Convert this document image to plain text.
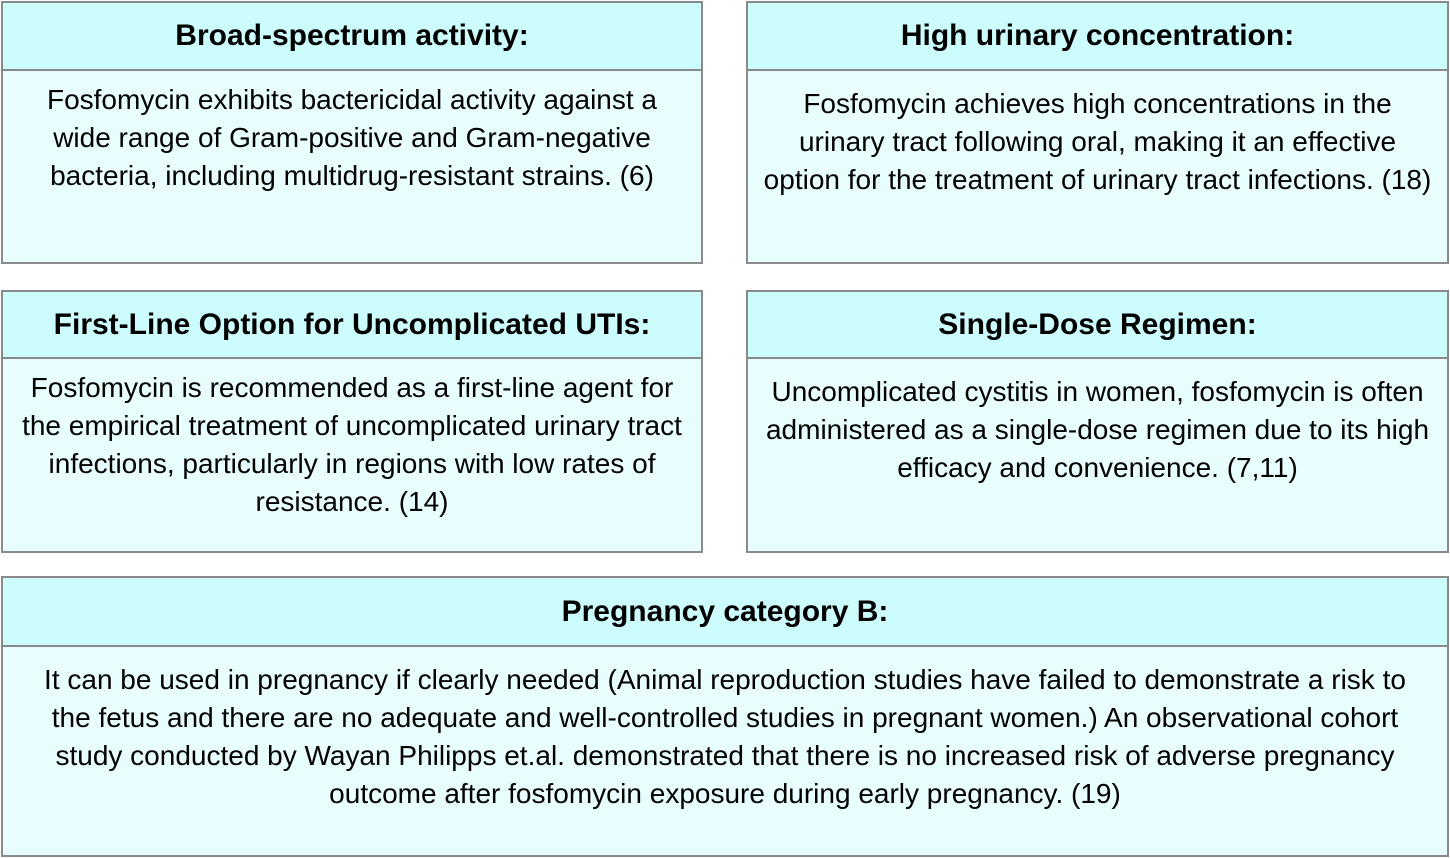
Broad-spectrum activity:
Fosfomycin exhibits bactericidal activity against a wide range of Gram-positive and Gram-negative bacteria, including multidrug-resistant strains. (6)
High urinary concentration:
Fosfomycin achieves high concentrations in the urinary tract following oral, making it an effective option for the treatment of urinary tract infections. (18)
First-Line Option for Uncomplicated UTIs:
Fosfomycin is recommended as a first-line agent for the empirical treatment of uncomplicated urinary tract infections, particularly in regions with low rates of resistance. (14)
Single-Dose Regimen:
Uncomplicated cystitis in women, fosfomycin is often administered as a single-dose regimen due to its high efficacy and convenience. (7,11)
Pregnancy category B:
It can be used in pregnancy if clearly needed (Animal reproduction studies have failed to demonstrate a risk to the fetus and there are no adequate and well-controlled studies in pregnant women.) An observational cohort study conducted by Wayan Philipps et.al. demonstrated that there is no increased risk of adverse pregnancy outcome after fosfomycin exposure during early pregnancy. (19)
